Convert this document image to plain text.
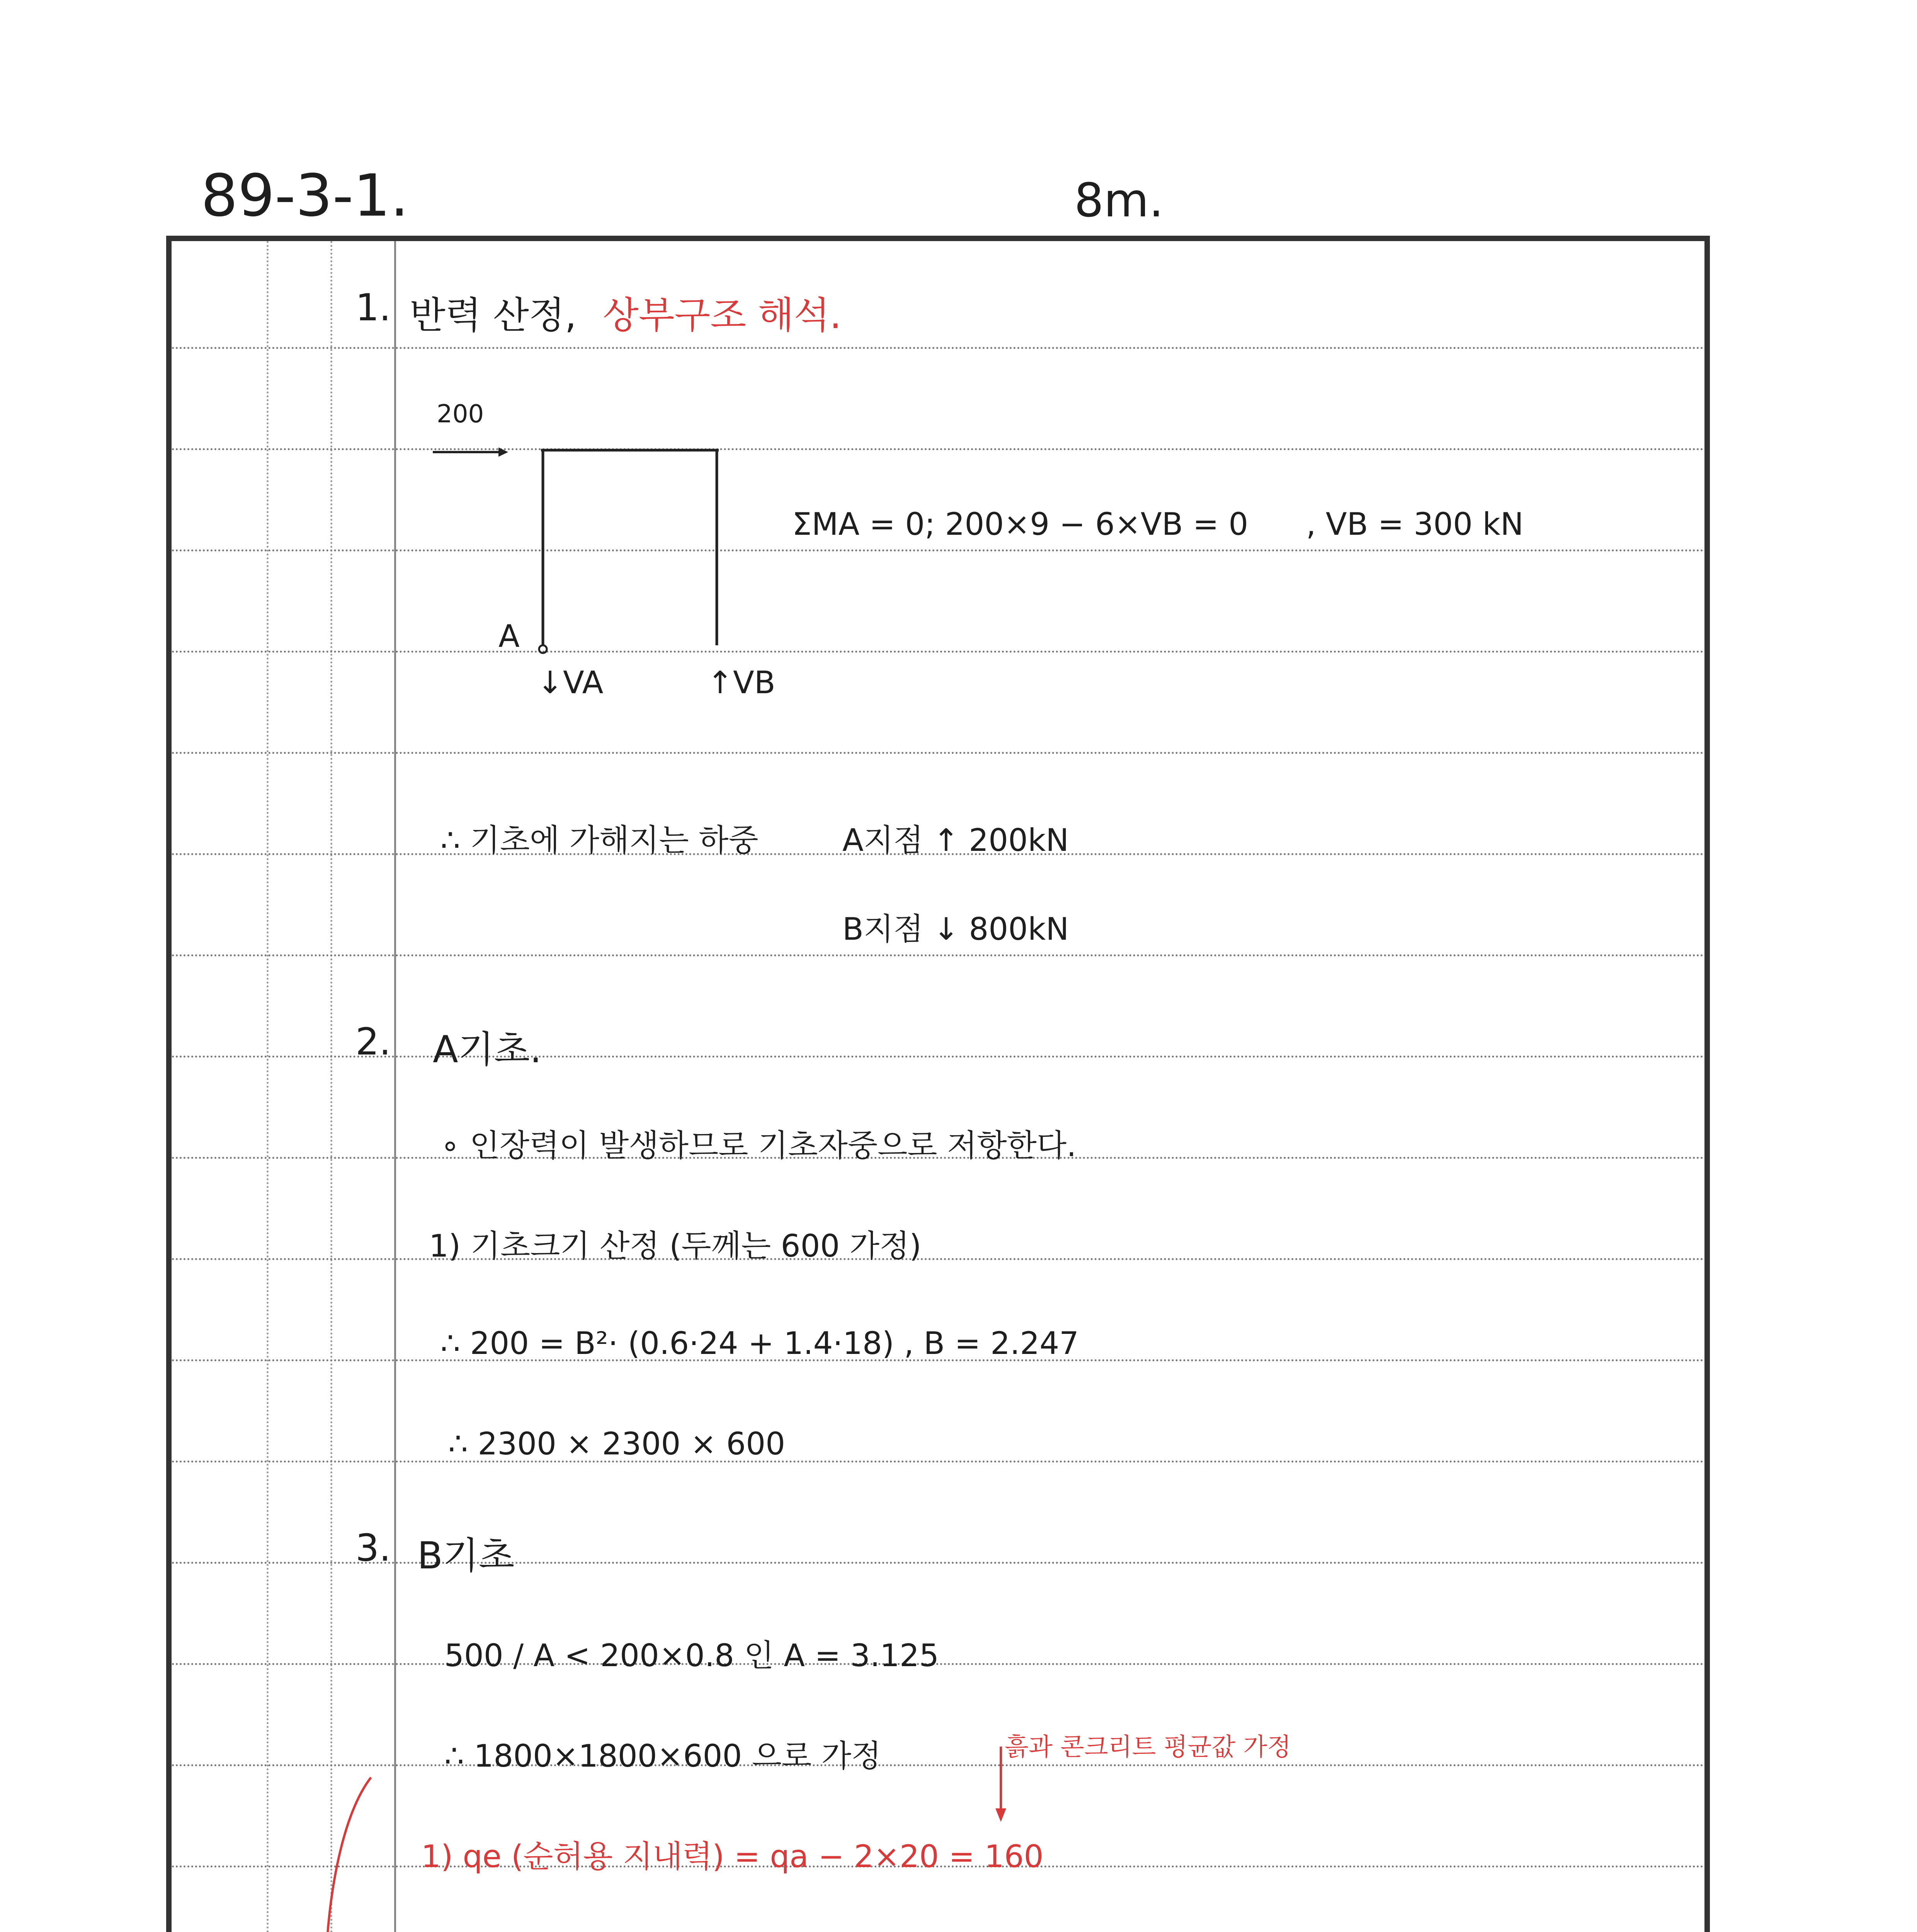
89-3-1.	8m.
1. 반력 산정, 상부구조 해석.
200
A
↓VA	↑VB
ΣMA = 0; 200×9 − 6×VB = 0 , VB = 300 kN
∴ 기초에 가해지는 하중	A지점 ↑ 200kN
B지점 ↓ 800kN
2. A기초.
∘ 인장력이 발생하므로 기초자중으로 저항한다.
1) 기초크기 산정 (두께는 600 가정)
∴ 200 = B²· (0.6·24 + 1.4·18) , B = 2.247
∴ 2300 × 2300 × 600
3. B기초
500 / A < 200×0.8 인 A = 3.125
∴ 1800×1800×600 으로 가정	흙과 콘크리트 평균값 가정
1) qe (순허용 지내력) = qa − 2×20 = 160
